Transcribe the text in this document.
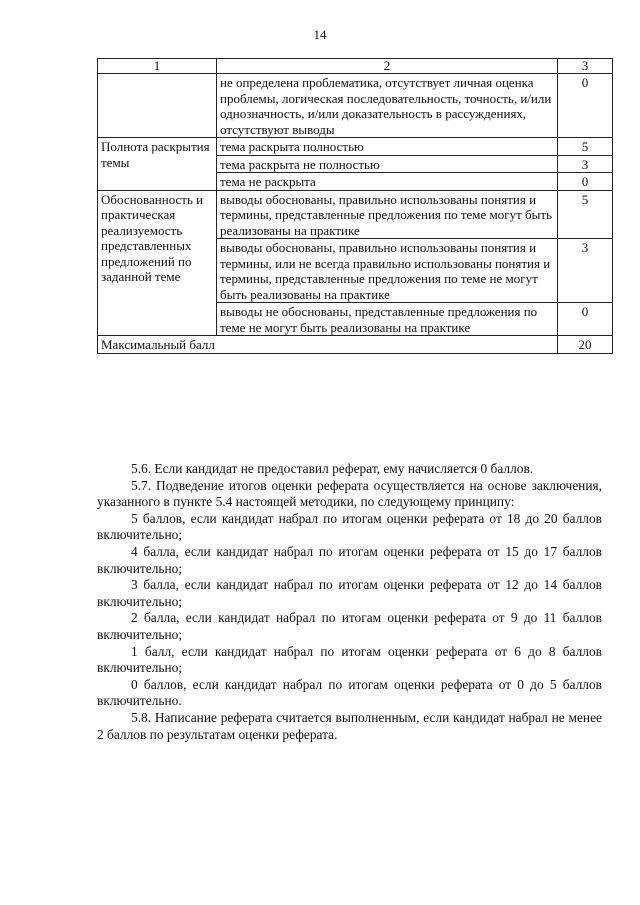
14
1	2	3
	не определена проблематика, отсутствует личная оценка проблемы, логическая последовательность, точность, и/или однозначность, и/или доказательность в рассуждениях, отсутствуют выводы	0
Полнота раскрытия темы	тема раскрыта полностью	5
	тема раскрыта не полностью	3
	тема не раскрыта	0
Обоснованность и практическая реализуемость представленных предложений по заданной теме	выводы обоснованы, правильно использованы понятия и термины, представленные предложения по теме могут быть реализованы на практике	5
	выводы обоснованы, правильно использованы понятия и термины, или не всегда правильно использованы понятия и термины, представленные предложения по теме не могут быть реализованы на практике	3
	выводы не обоснованы, представленные предложения по теме не могут быть реализованы на практике	0
Максимальный балл		20

5.6. Если кандидат не предоставил реферат, ему начисляется 0 баллов.

5.7. Подведение итогов оценки реферата осуществляется на основе заключения, указанного в пункте 5.4 настоящей методики, по следующему принципу:

5 баллов, если кандидат набрал по итогам оценки реферата от 18 до 20 баллов включительно;

4 балла, если кандидат набрал по итогам оценки реферата от 15 до 17 баллов включительно;

3 балла, если кандидат набрал по итогам оценки реферата от 12 до 14 баллов включительно;

2 балла, если кандидат набрал по итогам оценки реферата от 9 до 11 баллов включительно;

1 балл, если кандидат набрал по итогам оценки реферата от 6 до 8 баллов включительно;

0 баллов, если кандидат набрал по итогам оценки реферата от 0 до 5 баллов включительно.

5.8. Написание реферата считается выполненным, если кандидат набрал не менее 2 баллов по результатам оценки реферата.
